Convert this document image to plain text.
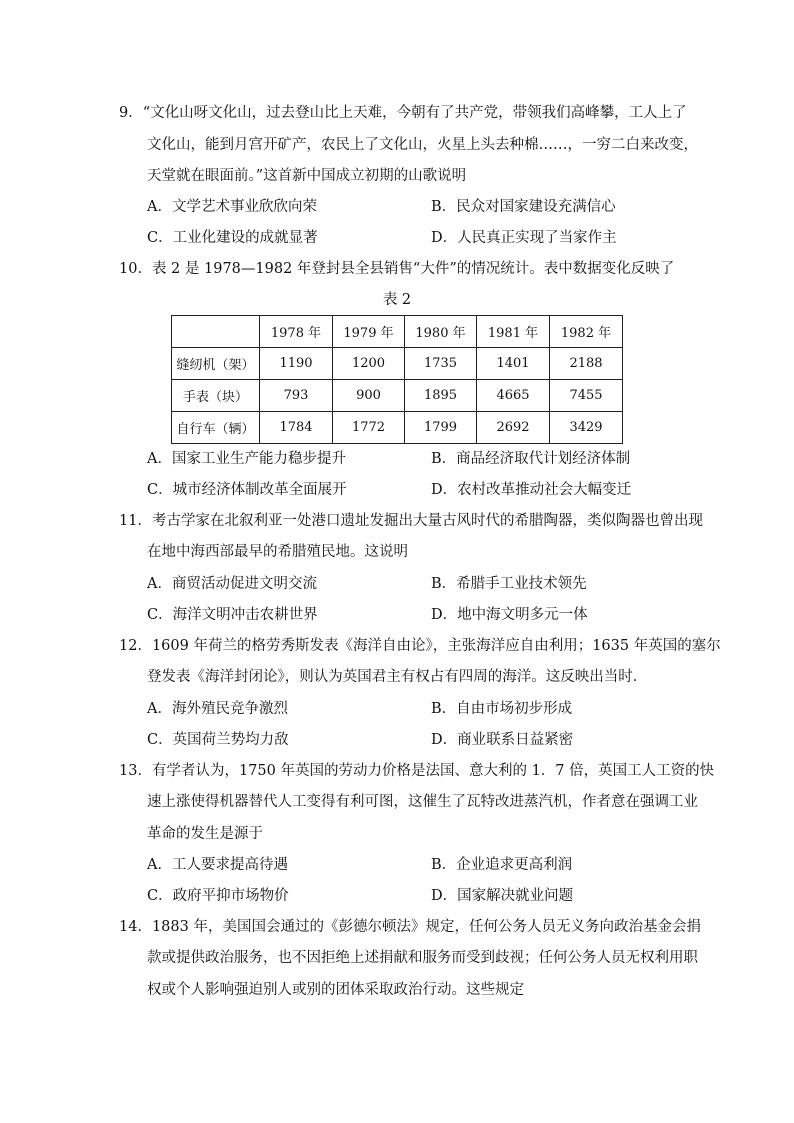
9．“文化山呀文化山，过去登山比上天难，今朝有了共产党，带领我们高峰攀，工人上了
文化山，能到月宫开矿产，农民上了文化山，火星上头去种棉……，一穷二白来改变，
天堂就在眼面前。”这首新中国成立初期的山歌说明
A．文学艺术事业欣欣向荣	B．民众对国家建设充满信心
C．工业化建设的成就显著	D．人民真正实现了当家作主
10．表 2 是 1978—1982 年登封县全县销售“大件”的情况统计。表中数据变化反映了
表 2
	1978 年	1979 年	1980 年	1981 年	1982 年
缝纫机（架）	1190	1200	1735	1401	2188
手表（块）	793	900	1895	4665	7455
自行车（辆）	1784	1772	1799	2692	3429
A．国家工业生产能力稳步提升	B．商品经济取代计划经济体制
C．城市经济体制改革全面展开	D．农村改革推动社会大幅变迁
11．考古学家在北叙利亚一处港口遗址发掘出大量古风时代的希腊陶器，类似陶器也曾出现
在地中海西部最早的希腊殖民地。这说明
A．商贸活动促进文明交流	B．希腊手工业技术领先
C．海洋文明冲击农耕世界	D．地中海文明多元一体
12．1609 年荷兰的格劳秀斯发表《海洋自由论》，主张海洋应自由利用；1635 年英国的塞尔
登发表《海洋封闭论》，则认为英国君主有权占有四周的海洋。这反映出当时．
A．海外殖民竞争激烈	B．自由市场初步形成
C．英国荷兰势均力敌	D．商业联系日益紧密
13．有学者认为，1750 年英国的劳动力价格是法国、意大利的 1．7 倍，英国工人工资的快
速上涨使得机器替代人工变得有利可图，这催生了瓦特改进蒸汽机，作者意在强调工业
革命的发生是源于
A．工人要求提高待遇	B．企业追求更高利润
C．政府平抑市场物价	D．国家解决就业问题
14．1883 年，美国国会通过的《彭德尔顿法》规定，任何公务人员无义务向政治基金会捐
款或提供政治服务，也不因拒绝上述捐献和服务而受到歧视；任何公务人员无权利用职
权或个人影响强迫别人或别的团体采取政治行动。这些规定
